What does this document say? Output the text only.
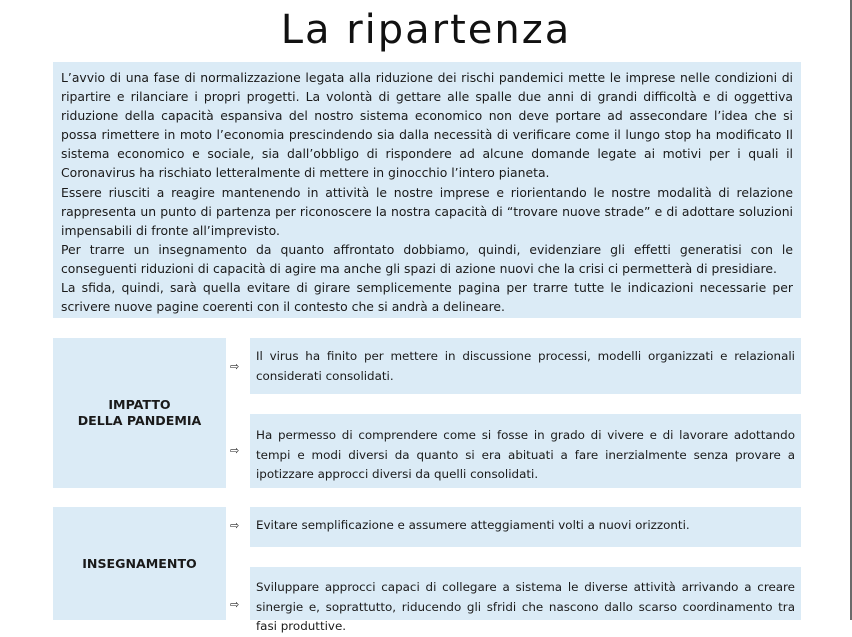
La ripartenza

L’avvio di una fase di normalizzazione legata alla riduzione dei rischi pandemici mette le imprese nelle condizioni di ripartire e rilanciare i propri progetti. La volontà di gettare alle spalle due anni di grandi difficoltà e di oggettiva riduzione della capacità espansiva del nostro sistema economico non deve portare ad assecondare l’idea che si possa rimettere in moto l’economia prescindendo sia dalla necessità di verificare come il lungo stop ha modificato Il sistema economico e sociale, sia dall’obbligo di rispondere ad alcune domande legate ai motivi per i quali il Coronavirus ha rischiato letteralmente di mettere in ginocchio l’intero pianeta.

Essere riusciti a reagire mantenendo in attività le nostre imprese e riorientando le nostre modalità di relazione rappresenta un punto di partenza per riconoscere la nostra capacità di “trovare nuove strade” e di adottare soluzioni impensabili di fronte all’imprevisto.

Per trarre un insegnamento da quanto affrontato dobbiamo, quindi, evidenziare gli effetti generatisi con le conseguenti riduzioni di capacità di agire ma anche gli spazi di azione nuovi che la crisi ci permetterà di presidiare.

La sfida, quindi, sarà quella evitare di girare semplicemente pagina per trarre tutte le indicazioni necessarie per scrivere nuove pagine coerenti con il contesto che si andrà a delineare.

IMPATTO
DELLA PANDEMIA
⇨
Il virus ha finito per mettere in discussione processi, modelli organizzati e relazionali considerati consolidati.
⇨
Ha permesso di comprendere come si fosse in grado di vivere e di lavorare adottando tempi e modi diversi da quanto si era abituati a fare inerzialmente senza provare a ipotizzare approcci diversi da quelli consolidati.
INSEGNAMENTO
⇨	Evitare semplificazione e assumere atteggiamenti volti a nuovi orizzonti.
⇨
Sviluppare approcci capaci di collegare a sistema le diverse attività arrivando a creare sinergie e, soprattutto, riducendo gli sfridi che nascono dallo scarso coordinamento tra fasi produttive.
